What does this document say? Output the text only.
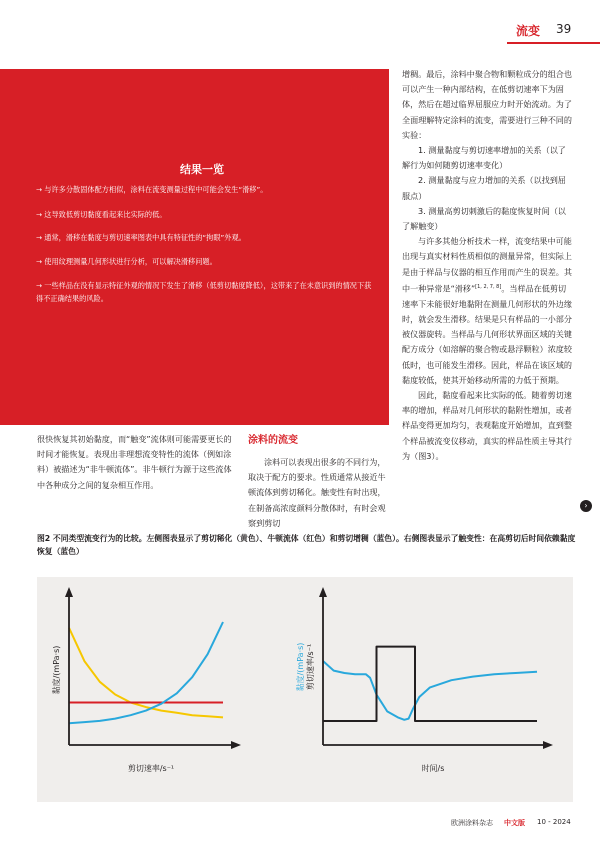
流变 39
结果一览
→ 与许多分散固体配方相似，涂料在流变测量过程中可能会发生“滑移”。
→ 这导致低剪切黏度看起来比实际的低。
→ 通常，滑移在黏度与剪切速率图表中具有特征性的“拘眼”外观。
→ 使用纹理测量几何形状进行分析，可以解决滑移问题。
→ 一些样品在没有显示特征外观的情况下发生了滑移（低剪切黏度降低），这带来了在未意识到的情况下获得不正确结果的风险。

增稠。最后，涂料中聚合物和颗粒成分的组合也可以产生一种内部结构，在低剪切速率下为固体，然后在超过临界屈服应力时开始流动。为了全面理解特定涂料的流变，需要进行三种不同的实验：

1. 测量黏度与剪切速率增加的关系（以了解行为如何随剪切速率变化）

2. 测量黏度与应力增加的关系（以找到屈服点）

3. 测量高剪切刺激后的黏度恢复时间（以了解触变）

与许多其他分析技术一样，流变结果中可能出现与真实材料性质相似的测量异常，但实际上是由于样品与仪器的相互作用而产生的误差。其中一种异常是“滑移”[1, 2, 7, 8]。当样品在低剪切速率下未能很好地黏附在测量几何形状的外边缘时，就会发生滑移。结果是只有样品的一小部分被仪器旋转。当样品与几何形状界面区域的关键配方成分（如溶解的聚合物或悬浮颗粒）浓度较低时，也可能发生滑移。因此，样品在该区域的黏度较低，使其开始移动所需的力低于预期。

因此，黏度看起来比实际的低。随着剪切速率的增加，样品对几何形状的黏附性增加，或者样品变得更加均匀，表观黏度开始增加，直到整个样品被流变仪移动，真实的样品性质主导其行为（图3）。

很快恢复其初始黏度，而“触变”流体则可能需要更长的时间才能恢复。表现出非理想流变特性的流体（例如涂料）被描述为“非牛顿流体”。非牛顿行为源于这些流体中各种成分之间的复杂相互作用。

涂料的流变

涂料可以表现出很多的不同行为，取决于配方的要求。性质通常从接近牛顿流体到剪切稀化。触变性有时出现，在制备高浓度颜料分散体时，有时会观察到剪切

›
图2 不同类型流变行为的比较。左侧图表显示了剪切稀化（黄色）、牛顿流体（红色）和剪切增稠（蓝色）。右侧图表显示了触变性：在高剪切后时间依赖黏度恢复（蓝色）
黏度/(mPa·s)
剪切速率/s⁻¹
黏度/(mPa·s) 剪切速率/s⁻¹
时间/s
欧洲涂料杂志 中文版 10 - 2024
